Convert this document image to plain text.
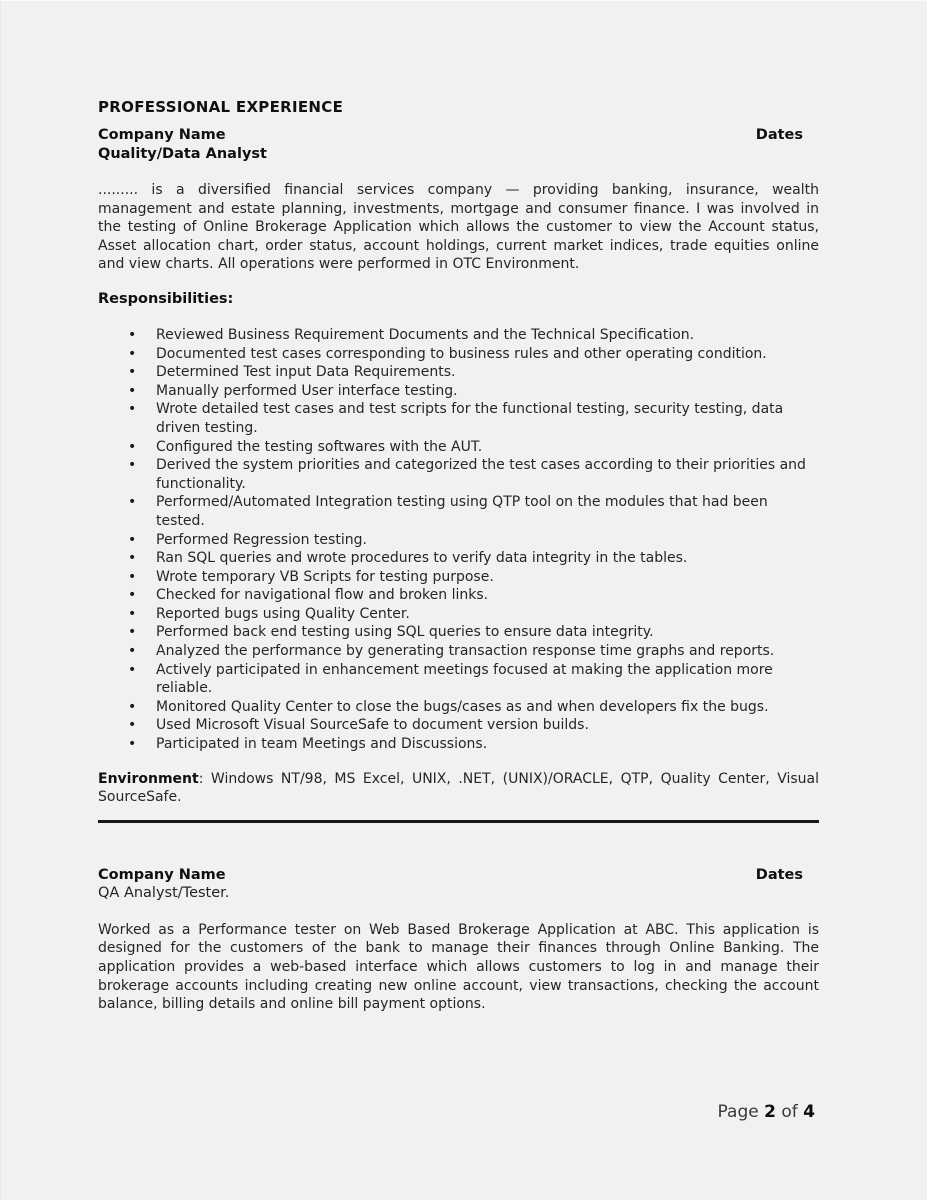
PROFESSIONAL EXPERIENCE
Company Name	Dates
Quality/Data Analyst

......... is a diversified financial services company — providing banking, insurance, wealth management and estate planning, investments, mortgage and consumer finance. I was involved in the testing of Online Brokerage Application which allows the customer to view the Account status, Asset allocation chart, order status, account holdings, current market indices, trade equities online and view charts. All operations were performed in OTC Environment.

Responsibilities:
• Reviewed Business Requirement Documents and the Technical Specification.
• Documented test cases corresponding to business rules and other operating condition.
• Determined Test input Data Requirements.
• Manually performed User interface testing.
• Wrote detailed test cases and test scripts for the functional testing, security testing, data driven testing.
• Configured the testing softwares with the AUT.
• Derived the system priorities and categorized the test cases according to their priorities and functionality.
• Performed/Automated Integration testing using QTP tool on the modules that had been tested.
• Performed Regression testing.
• Ran SQL queries and wrote procedures to verify data integrity in the tables.
• Wrote temporary VB Scripts for testing purpose.
• Checked for navigational flow and broken links.
• Reported bugs using Quality Center.
• Performed back end testing using SQL queries to ensure data integrity.
• Analyzed the performance by generating transaction response time graphs and reports.
• Actively participated in enhancement meetings focused at making the application more reliable.
• Monitored Quality Center to close the bugs/cases as and when developers fix the bugs.
• Used Microsoft Visual SourceSafe to document version builds.
• Participated in team Meetings and Discussions.

Environment: Windows NT/98, MS Excel, UNIX, .NET, (UNIX)/ORACLE, QTP, Quality Center, Visual SourceSafe.

Company Name	Dates
QA Analyst/Tester.

Worked as a Performance tester on Web Based Brokerage Application at ABC. This application is designed for the customers of the bank to manage their finances through Online Banking. The application provides a web-based interface which allows customers to log in and manage their brokerage accounts including creating new online account, view transactions, checking the account balance, billing details and online bill payment options.

Page 2 of 4
